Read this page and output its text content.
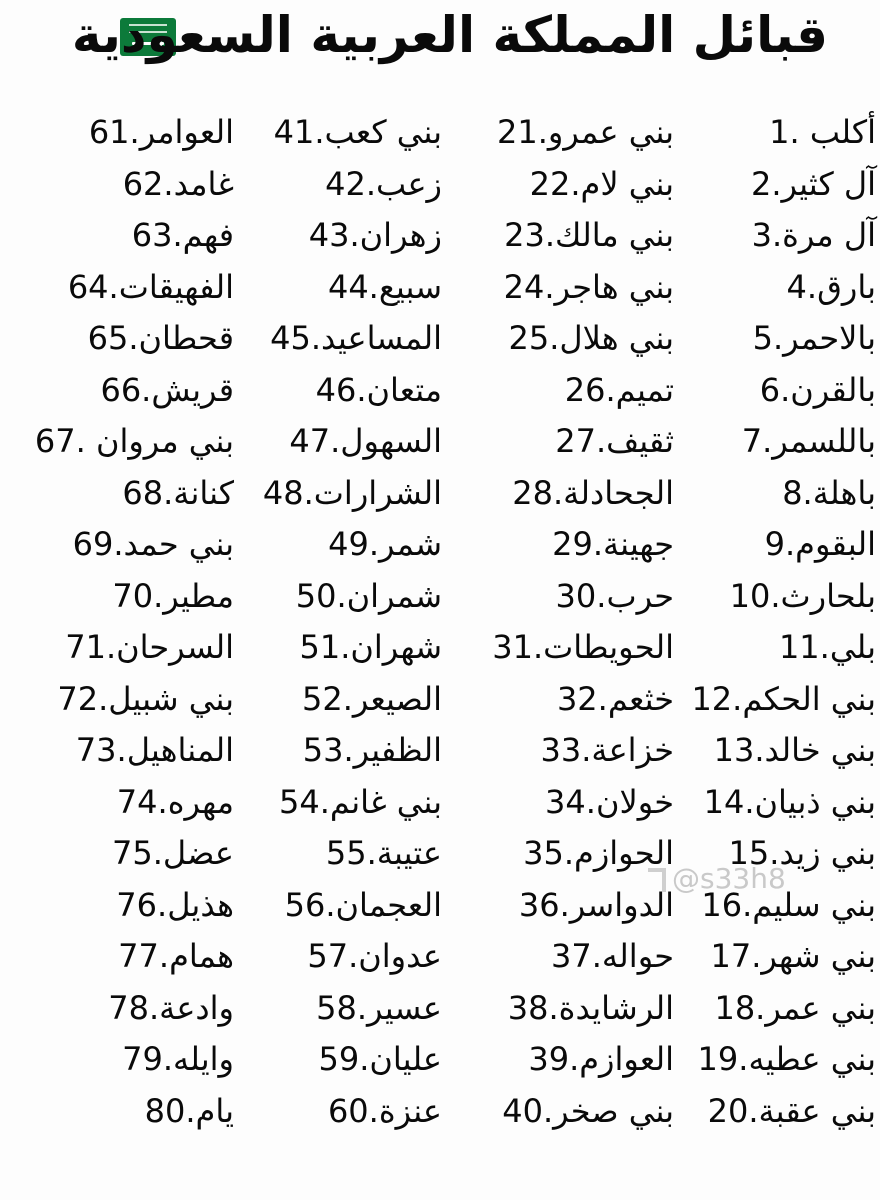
قبائل المملكة العربية السعودية
أكلب .1
آل كثير.2
آل مرة.3
بارق.4
بالاحمر.5
بالقرن.6
باللسمر.7
باهلة.8
البقوم.9
بلحارث.10
بلي.11
بني الحكم.12
بني خالد.13
بني ذبيان.14
بني زيد.15
بني سليم.16
بني شهر.17
بني عمر.18
بني عطيه.19
بني عقبة.20
بني عمرو.21
بني لام.22
بني مالك.23
بني هاجر.24
بني هلال.25
تميم.26
ثقيف.27
الجحادلة.28
جهينة.29
حرب.30
الحويطات.31
خثعم.32
خزاعة.33
خولان.34
الحوازم.35
الدواسر.36
حواله.37
الرشايدة.38
العوازم.39
بني صخر.40
بني كعب.41
زعب.42
زهران.43
سبيع.44
المساعيد.45
متعان.46
السهول.47
الشرارات.48
شمر.49
شمران.50
شهران.51
الصيعر.52
الظفير.53
بني غانم.54
عتيبة.55
العجمان.56
عدوان.57
عسير.58
عليان.59
عنزة.60
العوامر.61
غامد.62
فهم.63
الفهيقات.64
قحطان.65
قريش.66
بني مروان .67
كنانة.68
بني حمد.69
مطير.70
السرحان.71
بني شبيل.72
المناهيل.73
مهره.74
عضل.75
هذيل.76
همام.77
وادعة.78
وايله.79
يام.80
@s33h8
